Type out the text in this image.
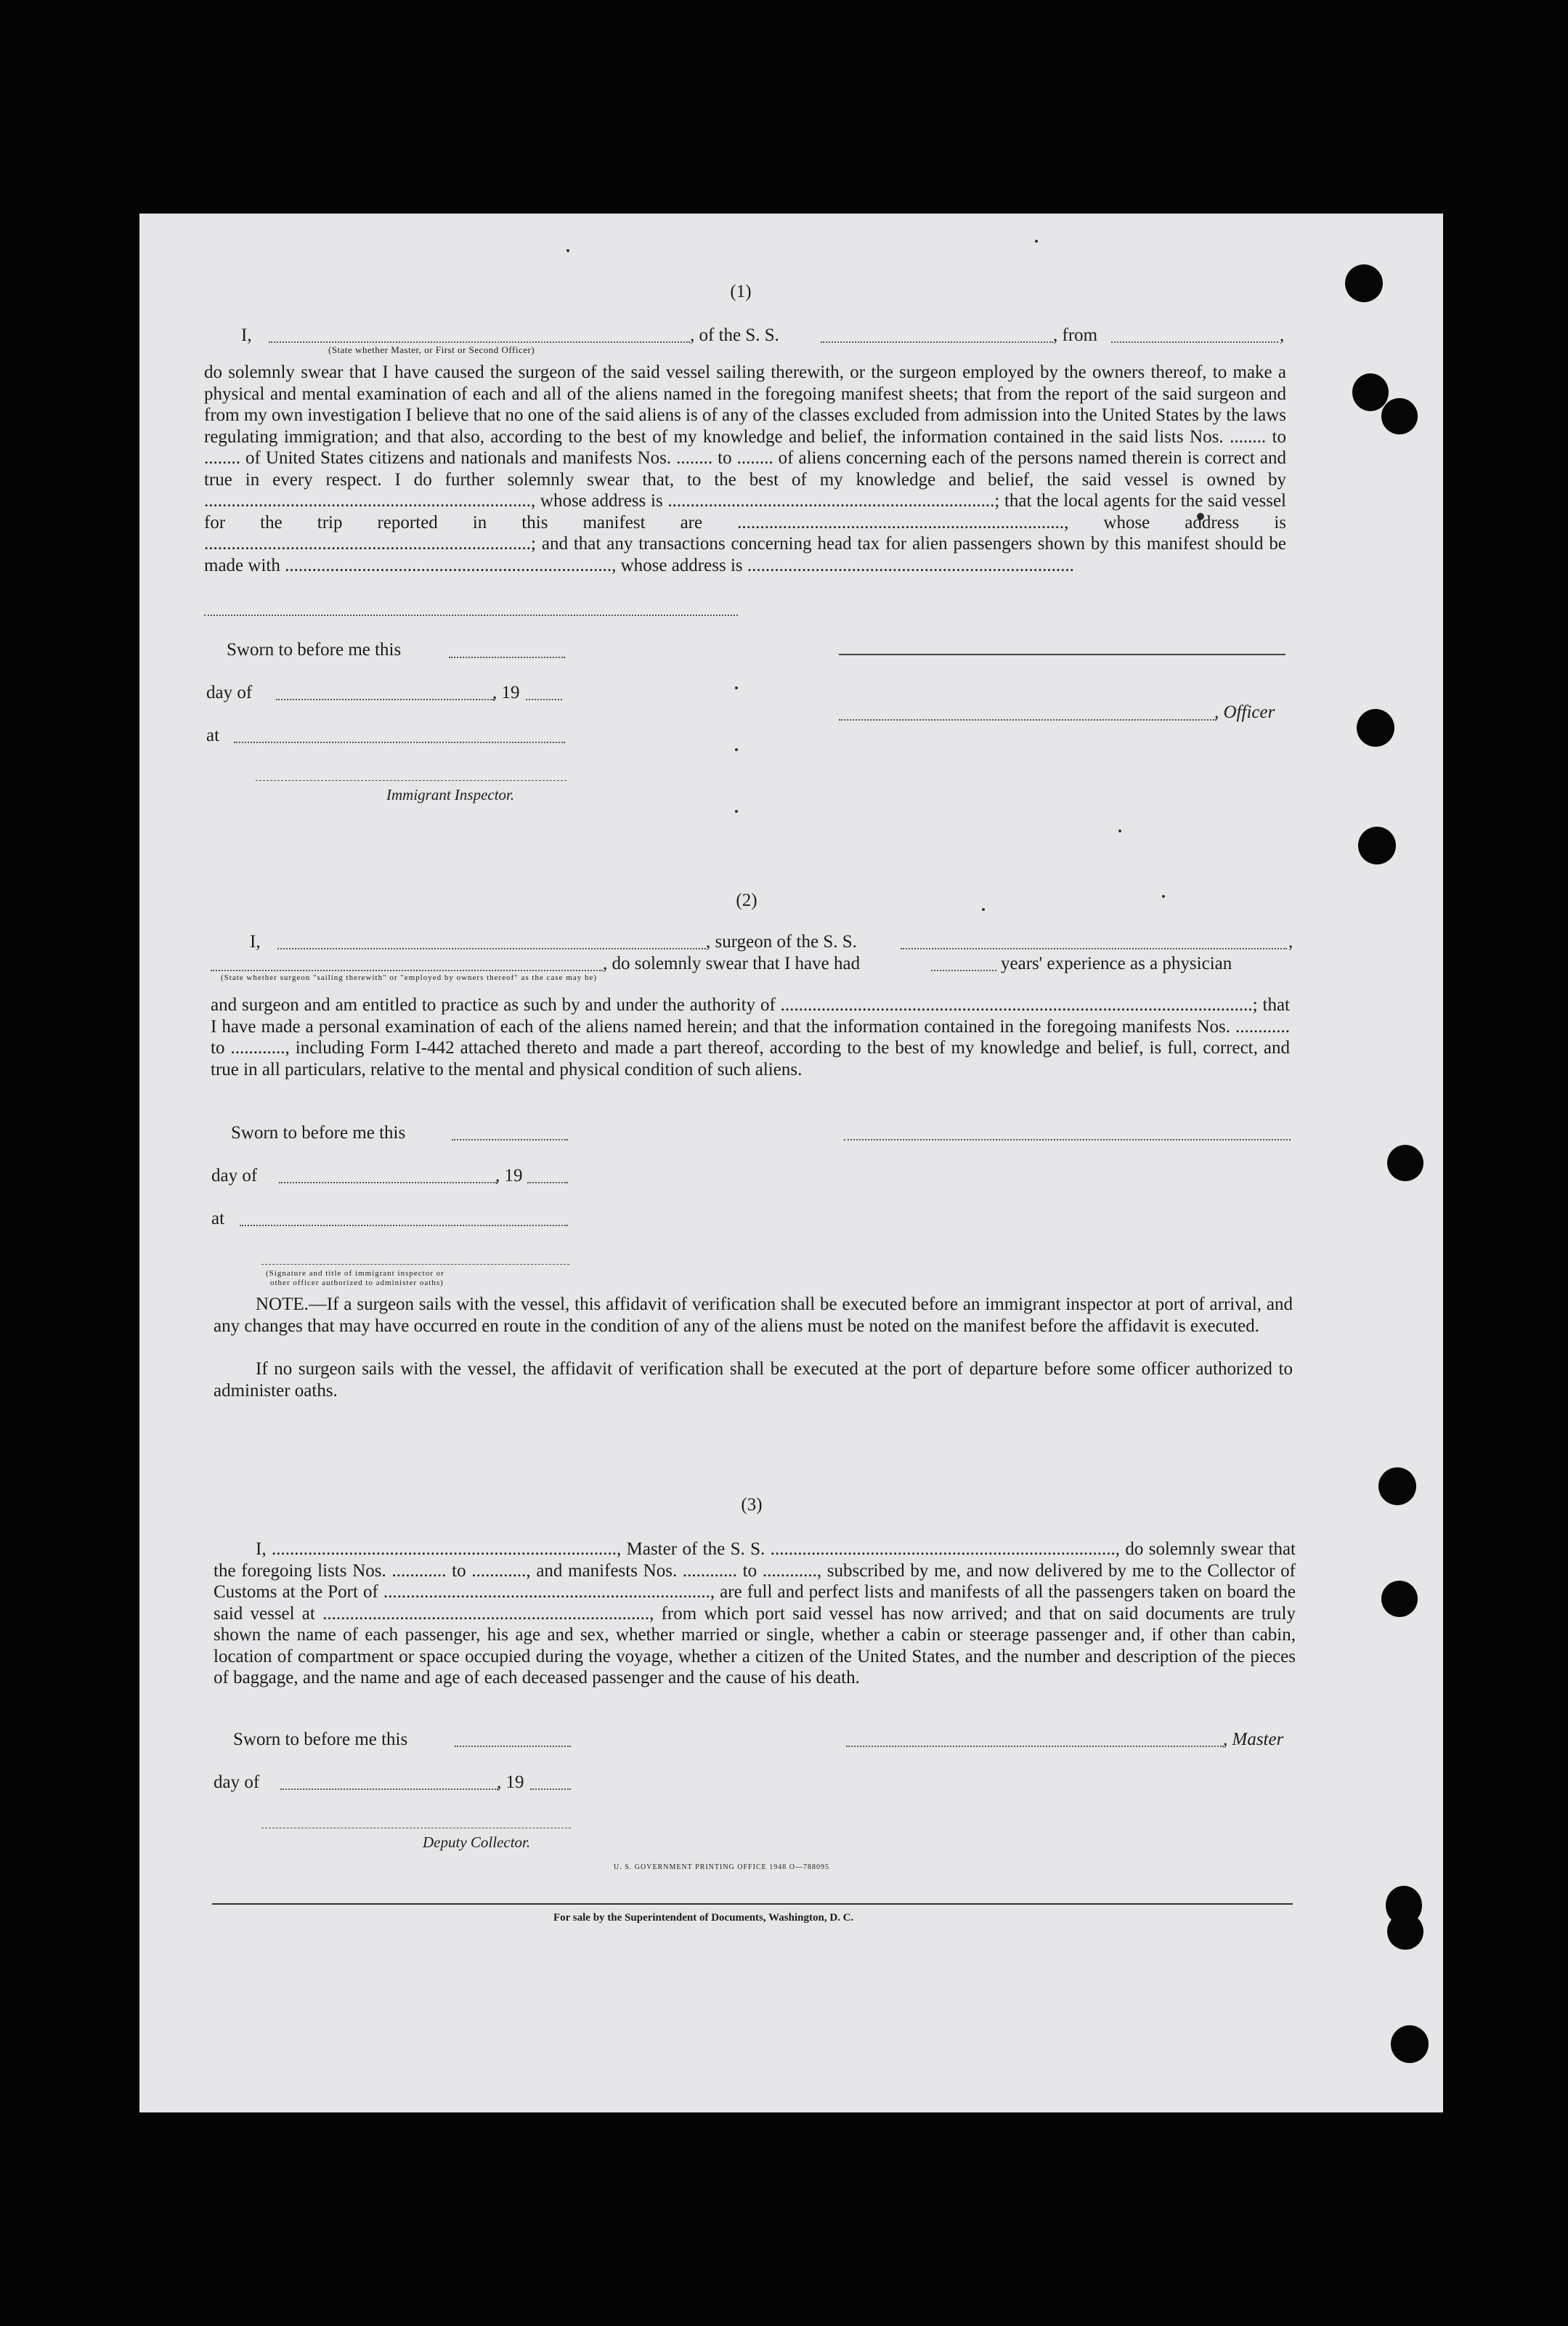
(1)
I,	, of the S. S.	, from	,
(State whether Master, or First or Second Officer)
do solemnly swear that I have caused the surgeon of the said vessel sailing therewith, or the surgeon employed by the owners thereof, to make a physical and mental examination of each and all of the aliens named in the foregoing manifest sheets; that from the report of the said surgeon and from my own investigation I believe that no one of the said aliens is of any of the classes excluded from admission into the United States by the laws regulating immigration; and that also, according to the best of my knowledge and belief, the information contained in the said lists Nos. ........ to ........ of United States citizens and nationals and manifests Nos. ........ to ........ of aliens concerning each of the persons named therein is correct and true in every respect. I do further solemnly swear that, to the best of my knowledge and belief, the said vessel is owned by ........................................................................, whose address is ........................................................................; that the local agents for the said vessel for the trip reported in this manifest are ........................................................................, whose address is ........................................................................; and that any transactions concerning head tax for alien passengers shown by this manifest should be made with ........................................................................, whose address is ........................................................................
Sworn to before me this
day of	, 19
, Officer
at
Immigrant Inspector.
(2)
I,	, surgeon of the S. S.	,
, do solemnly swear that I have had	years' experience as a physician
(State whether surgeon "sailing therewith" or "employed by owners thereof" as the case may be)
and surgeon and am entitled to practice as such by and under the authority of ........................................................................................................; that I have made a personal examination of each of the aliens named herein; and that the information contained in the foregoing manifests Nos. ............ to ............, including Form I-442 attached thereto and made a part thereof, according to the best of my knowledge and belief, is full, correct, and true in all particulars, relative to the mental and physical condition of such aliens.
Sworn to before me this
day of	, 19
at
(Signature and title of immigrant inspector or
other officer authorized to administer oaths)
NOTE.—If a surgeon sails with the vessel, this affidavit of verification shall be executed before an immigrant inspector at port of arrival, and any changes that may have occurred en route in the condition of any of the aliens must be noted on the manifest before the affidavit is executed.
If no surgeon sails with the vessel, the affidavit of verification shall be executed at the port of departure before some officer authorized to administer oaths.
(3)
I, ............................................................................, Master of the S. S. ............................................................................, do solemnly swear that the foregoing lists Nos. ............ to ............, and manifests Nos. ............ to ............, subscribed by me, and now delivered by me to the Collector of Customs at the Port of ........................................................................, are full and perfect lists and manifests of all the passengers taken on board the said vessel at ........................................................................, from which port said vessel has now arrived; and that on said documents are truly shown the name of each passenger, his age and sex, whether married or single, whether a cabin or steerage passenger and, if other than cabin, location of compartment or space occupied during the voyage, whether a citizen of the United States, and the number and description of the pieces of baggage, and the name and age of each deceased passenger and the cause of his death.
Sworn to before me this	, Master
day of	, 19
Deputy Collector.
U. S. GOVERNMENT PRINTING OFFICE 1948 O—788095
For sale by the Superintendent of Documents, Washington, D. C.
